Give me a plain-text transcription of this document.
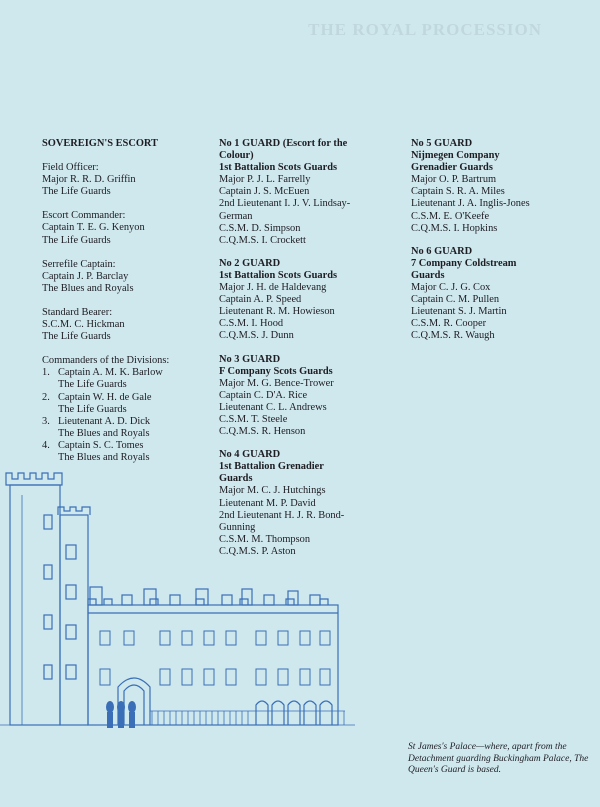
THE ROYAL PROCESSION

SOVEREIGN'S ESCORT

Field Officer:

Major R. R. D. Griffin

The Life Guards

Escort Commander:

Captain T. E. G. Kenyon

The Life Guards

Serrefile Captain:

Captain J. P. Barclay

The Blues and Royals

Standard Bearer:

S.C.M. C. Hickman

The Life Guards

Commanders of the Divisions:

1. Captain A. M. K. Barlow

The Life Guards

2. Captain W. H. de Gale

The Life Guards

3. Lieutenant A. D. Dick

The Blues and Royals

4. Captain S. C. Tomes

The Blues and Royals

No 1 GUARD (Escort for the

Colour)

1st Battalion Scots Guards

Major P. J. L. Farrelly

Captain J. S. McEuen

2nd Lieutenant I. J. V. Lindsay-

German

C.S.M. D. Simpson

C.Q.M.S. I. Crockett

No 2 GUARD

1st Battalion Scots Guards

Major J. H. de Haldevang

Captain A. P. Speed

Lieutenant R. M. Howieson

C.S.M. I. Hood

C.Q.M.S. J. Dunn

No 3 GUARD

F Company Scots Guards

Major M. G. Bence-Trower

Captain C. D'A. Rice

Lieutenant C. L. Andrews

C.S.M. T. Steele

C.Q.M.S. R. Henson

No 4 GUARD

1st Battalion Grenadier

Guards

Major M. C. J. Hutchings

Lieutenant M. P. David

2nd Lieutenant H. J. R. Bond-

Gunning

C.S.M. M. Thompson

C.Q.M.S. P. Aston

No 5 GUARD

Nijmegen Company

Grenadier Guards

Major O. P. Bartrum

Captain S. R. A. Miles

Lieutenant J. A. Inglis-Jones

C.S.M. E. O'Keefe

C.Q.M.S. I. Hopkins

No 6 GUARD

7 Company Coldstream

Guards

Major C. J. G. Cox

Captain C. M. Pullen

Lieutenant S. J. Martin

C.S.M. R. Cooper

C.Q.M.S. R. Waugh

St James's Palace—where, apart from the Detachment guarding Buckingham Palace, The Queen's Guard is based.
